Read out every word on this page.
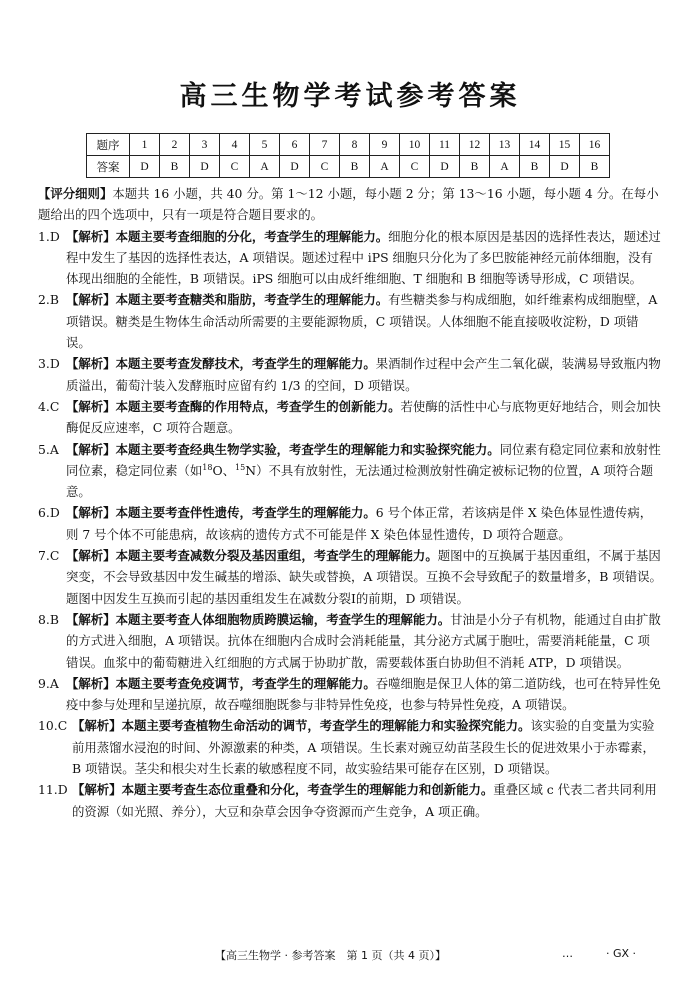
高三生物学考试参考答案
题序	1	2	3	4	5	6	7	8	9	10	11	12	13	14	15	16
答案	D	B	D	C	A	D	C	B	A	C	D	B	A	B	D	B
【评分细则】本题共 16 小题，共 40 分。第 1～12 小题，每小题 2 分；第 13～16 小题，每小题 4 分。在每小题给出的四个选项中，只有一项是符合题目要求的。
1.D 【解析】本题主要考查细胞的分化，考查学生的理解能力。细胞分化的根本原因是基因的选择性表达，题述过程中发生了基因的选择性表达，A 项错误。题述过程中 iPS 细胞只分化为了多巴胺能神经元前体细胞，没有体现出细胞的全能性，B 项错误。iPS 细胞可以由成纤维细胞、T 细胞和 B 细胞等诱导形成，C 项错误。
2.B 【解析】本题主要考查糖类和脂肪，考查学生的理解能力。有些糖类参与构成细胞，如纤维素构成细胞壁，A 项错误。糖类是生物体生命活动所需要的主要能源物质，C 项错误。人体细胞不能直接吸收淀粉，D 项错误。
3.D 【解析】本题主要考查发酵技术，考查学生的理解能力。果酒制作过程中会产生二氧化碳，装满易导致瓶内物质溢出，葡萄汁装入发酵瓶时应留有约 1/3 的空间，D 项错误。
4.C 【解析】本题主要考查酶的作用特点，考查学生的创新能力。若使酶的活性中心与底物更好地结合，则会加快酶促反应速率，C 项符合题意。
5.A 【解析】本题主要考查经典生物学实验，考查学生的理解能力和实验探究能力。同位素有稳定同位素和放射性同位素，稳定同位素（如$^{18}$O、$^{15}$N）不具有放射性，无法通过检测放射性确定被标记物的位置，A 项符合题意。
6.D 【解析】本题主要考查伴性遗传，考查学生的理解能力。6 号个体正常，若该病是伴 X 染色体显性遗传病，则 7 号个体不可能患病，故该病的遗传方式不可能是伴 X 染色体显性遗传，D 项符合题意。
7.C 【解析】本题主要考查减数分裂及基因重组，考查学生的理解能力。题图中的互换属于基因重组，不属于基因突变，不会导致基因中发生碱基的增添、缺失或替换，A 项错误。互换不会导致配子的数量增多，B 项错误。题图中因发生互换而引起的基因重组发生在减数分裂Ⅰ的前期，D 项错误。
8.B 【解析】本题主要考查人体细胞物质跨膜运输，考查学生的理解能力。甘油是小分子有机物，能通过自由扩散的方式进入细胞，A 项错误。抗体在细胞内合成时会消耗能量，其分泌方式属于胞吐，需要消耗能量，C 项错误。血浆中的葡萄糖进入红细胞的方式属于协助扩散，需要载体蛋白协助但不消耗 ATP，D 项错误。
9.A 【解析】本题主要考查免疫调节，考查学生的理解能力。吞噬细胞是保卫人体的第二道防线，也可在特异性免疫中参与处理和呈递抗原，故吞噬细胞既参与非特异性免疫，也参与特异性免疫，A 项错误。
10.C 【解析】本题主要考查植物生命活动的调节，考查学生的理解能力和实验探究能力。该实验的自变量为实验前用蒸馏水浸泡的时间、外源激素的种类，A 项错误。生长素对豌豆幼苗茎段生长的促进效果小于赤霉素，B 项错误。茎尖和根尖对生长素的敏感程度不同，故实验结果可能存在区别，D 项错误。
11.D 【解析】本题主要考查生态位重叠和分化，考查学生的理解能力和创新能力。重叠区域 c 代表二者共同利用的资源（如光照、养分），大豆和杂草会因争夺资源而产生竞争，A 项正确。
【高三生物学 · 参考答案　第 1 页（共 4 页）】	…	· GX ·
